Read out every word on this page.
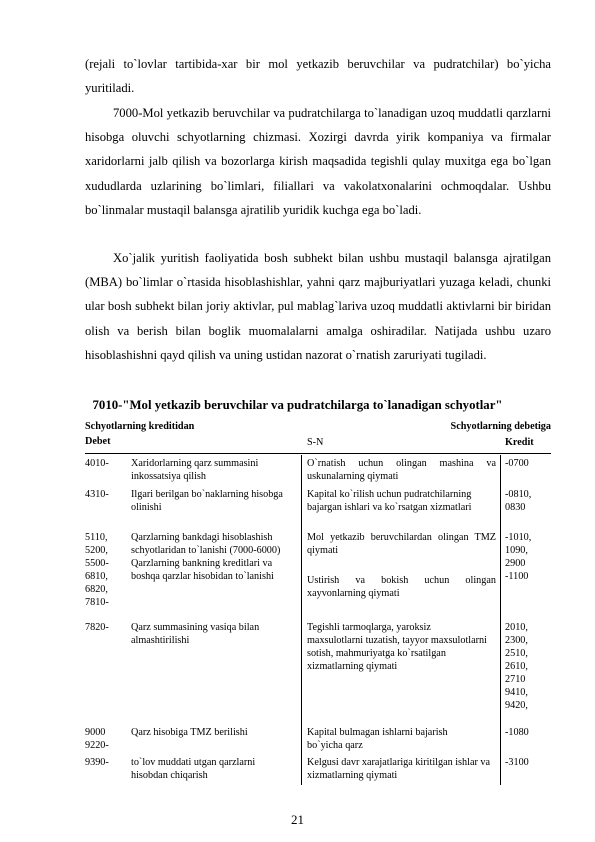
(rejali to`lovlar tartibida-xar bir mol yetkazib beruvchilar va pudratchilar) bo`yicha yuritiladi.
7000-Mol yetkazib beruvchilar va pudratchilarga to`lanadigan uzoq muddatli qarzlarni hisobga oluvchi schyotlarning chizmasi. Xozirgi davrda yirik kompaniya va firmalar xaridorlarni jalb qilish va bozorlarga kirish maqsadida tegishli qulay muxitga ega bo`lgan xududlarda uzlarining bo`limlari, filiallari va vakolatxonalarini ochmoqdalar. Ushbu bo`linmalar mustaqil balansga ajratilib yuridik kuchga ega bo`ladi.
Xo`jalik yuritish faoliyatida bosh subhekt bilan ushbu mustaqil balansga ajratilgan (MBA) bo`limlar o`rtasida hisoblashishlar, yahni qarz majburiyatlari yuzaga keladi, chunki ular bosh subhekt bilan joriy aktivlar, pul mablag`lariva uzoq muddatli aktivlarni bir biridan olish va berish bilan boglik muomalalarni amalga oshiradilar. Natijada ushbu uzaro hisoblashishni qayd qilish va uning ustidan nazorat o`rnatish zaruriyati tugiladi.
7010-"Mol yetkazib beruvchilar va pudratchilarga to`lanadigan schyotlar"
Schyotlarning kreditidan
Debet	S-N
Schyotlarning debetiga
Kredit
4010- Xaridorlarning qarz summasini inkossatsiya qilish
O`rnatish uchun olingan mashina va uskunalarning qiymati
-0700
4310- Ilgari berilgan bo`naklarning hisobga olinishi
Kapital ko`rilish uchun pudratchilarning bajargan ishlari va ko`rsatgan xizmatlari
-0810,
0830
5110,
5200,
5500-
6810,
6820,
7810-
Qarzlarning bankdagi hisoblashish schyotlaridan to`lanishi (7000-6000) Qarzlarning bankning kreditlari va boshqa qarzlar hisobidan to`lanishi
Mol yetkazib beruvchilardan olingan TMZ qiymati
Ustirish va bokish uchun olingan xayvonlarning qiymati
-1010,
1090,
2900
-1100
7820- Qarz summasining vasiqa bilan almashtirilishi
Tegishli tarmoqlarga, yaroksiz maxsulotlarni tuzatish, tayyor maxsulotlarni sotish, mahmuriyatga ko`rsatilgan xizmatlarning qiymati
2010,
2300,
2510,
2610,
2710
9410,
9420,
9000
9220-
Qarz hisobiga TMZ berilishi	Kapital bulmagan ishlarni bajarish bo`yicha qarz
-1080
9390- to`lov muddati utgan qarzlarni hisobdan chiqarish
Kelgusi davr xarajatlariga kiritilgan ishlar va xizmatlarning qiymati
-3100
21
